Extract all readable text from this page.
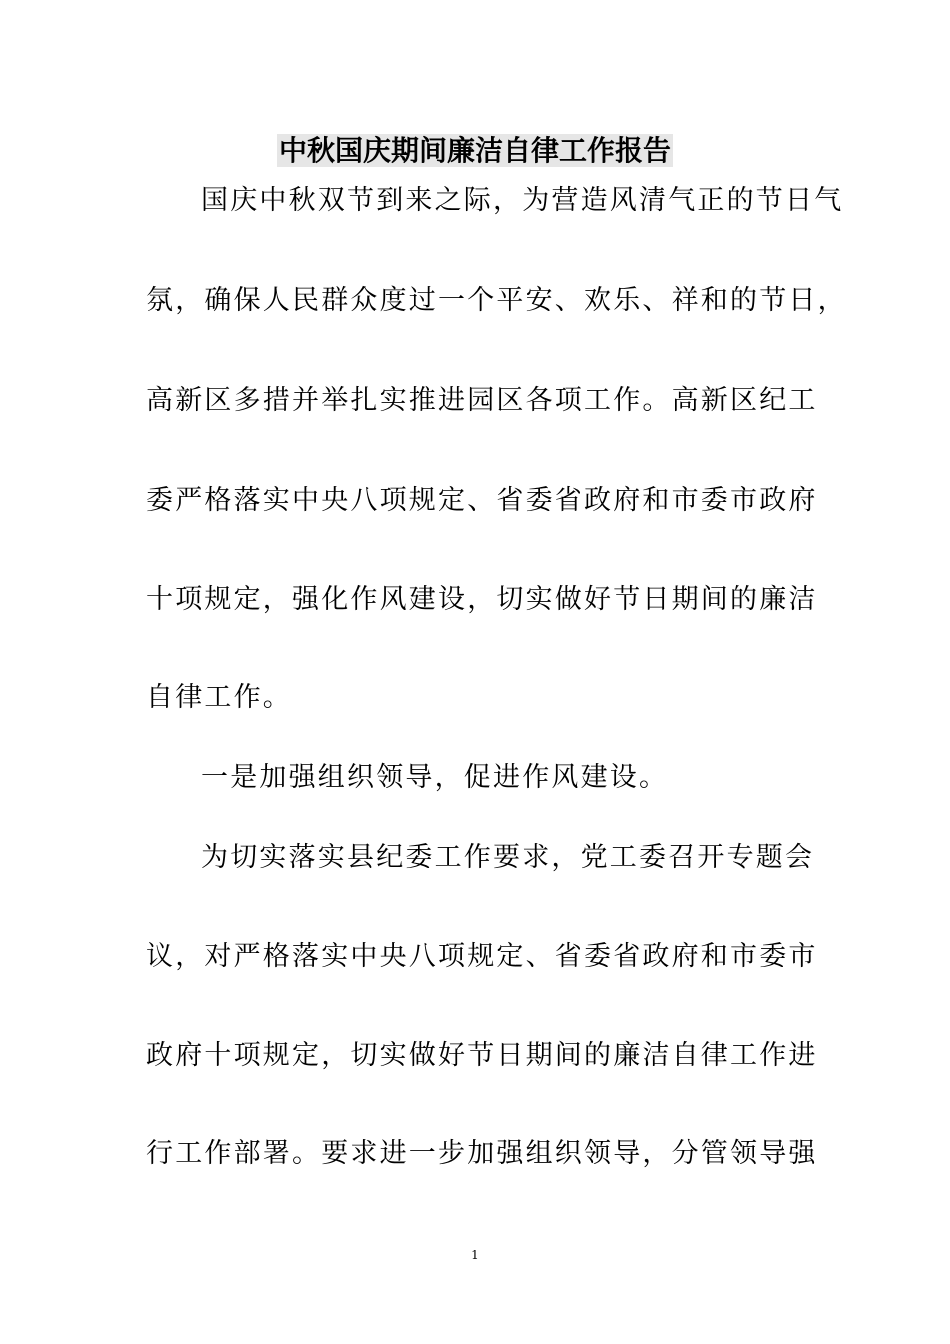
中秋国庆期间廉洁自律工作报告
国庆中秋双节到来之际，为营造风清气正的节日气
氛，确保人民群众度过一个平安、欢乐、祥和的节日，
高新区多措并举扎实推进园区各项工作。高新区纪工
委严格落实中央八项规定、省委省政府和市委市政府
十项规定，强化作风建设，切实做好节日期间的廉洁
自律工作。
一是加强组织领导，促进作风建设。
为切实落实县纪委工作要求，党工委召开专题会
议，对严格落实中央八项规定、省委省政府和市委市
政府十项规定，切实做好节日期间的廉洁自律工作进
行工作部署。要求进一步加强组织领导，分管领导强
1
